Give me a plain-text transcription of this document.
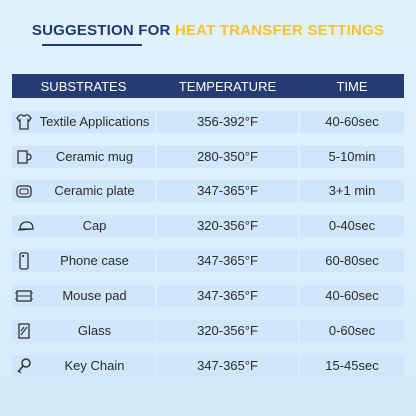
SUGGESTION FOR HEAT TRANSFER SETTINGS
SUBSTRATES	TEMPERATURE	TIME
Textile Applications	356-392°F	40-60sec
Ceramic mug	280-350°F	5-10min
Ceramic plate	347-365°F	3+1 min
Cap	320-356°F	0-40sec
Phone case	347-365°F	60-80sec
Mouse pad	347-365°F	40-60sec
Glass	320-356°F	0-60sec
Key Chain	347-365°F	15-45sec
